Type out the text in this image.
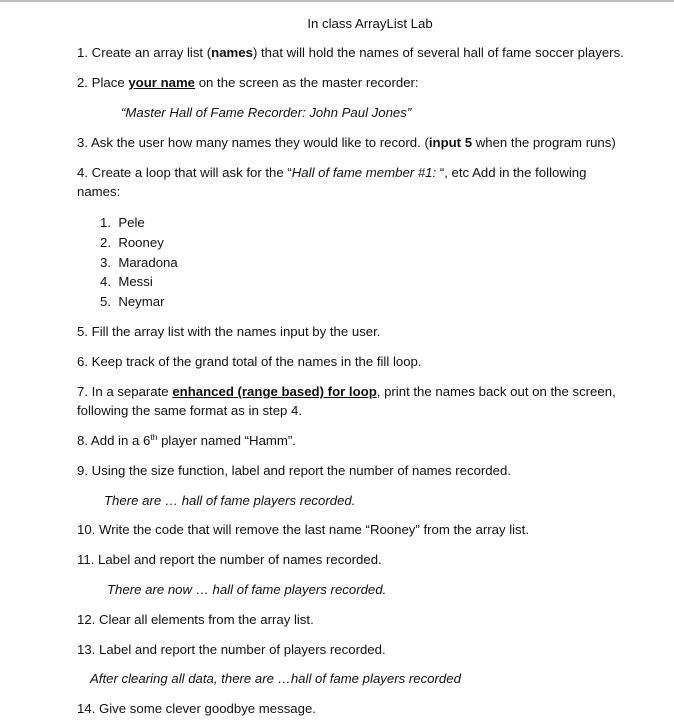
In class ArrayList Lab
1. Create an array list (names) that will hold the names of several hall of fame soccer players.
2. Place your name on the screen as the master recorder:
“Master Hall of Fame Recorder: John Paul Jones”
3. Ask the user how many names they would like to record. (input 5 when the program runs)
4. Create a loop that will ask for the “Hall of fame member #1: “, etc Add in the following
names:
1. Pele
2. Rooney
3. Maradona
4. Messi
5. Neymar
5. Fill the array list with the names input by the user.
6. Keep track of the grand total of the names in the fill loop.
7. In a separate enhanced (range based) for loop, print the names back out on the screen,
following the same format as in step 4.
8. Add in a 6th player named “Hamm”.
9. Using the size function, label and report the number of names recorded.
There are … hall of fame players recorded.
10. Write the code that will remove the last name “Rooney” from the array list.
11. Label and report the number of names recorded.
There are now … hall of fame players recorded.
12. Clear all elements from the array list.
13. Label and report the number of players recorded.
After clearing all data, there are …hall of fame players recorded
14. Give some clever goodbye message.
